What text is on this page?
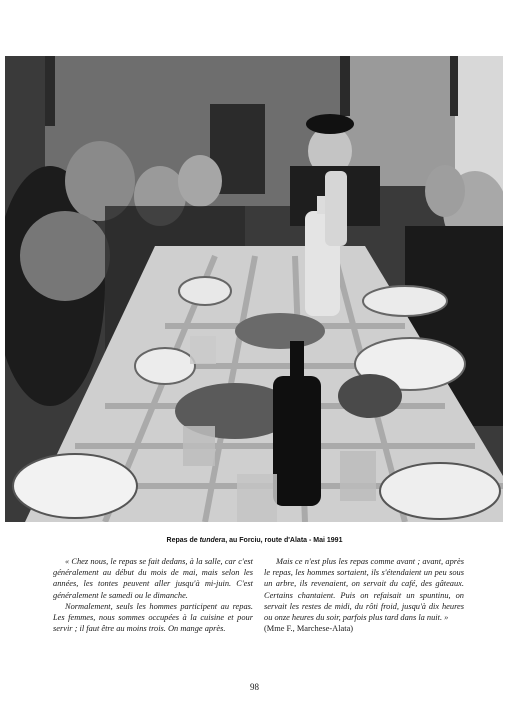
Repas de tundera, au Forciu, route d'Alata - Mai 1991

« Chez nous, le repas se fait dedans, à la salle, car c'est généralement au début du mois de mai, mais selon les années, les tontes peuvent aller jusqu'à mi-juin. C'est généralement le samedi ou le dimanche.

Normalement, seuls les hommes participent au repas. Les femmes, nous sommes occupées à la cuisine et pour servir ; il faut être au moins trois. On mange après.

Mais ce n'est plus les repas comme avant ; avant, après le repas, les hommes sortaient, ils s'étendaient un peu sous un arbre, ils revenaient, on servait du café, des gâteaux. Certains chantaient. Puis on refaisait un spuntinu, on servait les restes de midi, du rôti froid, jusqu'à dix heures ou onze heures du soir, parfois plus tard dans la nuit. »

(Mme F., Marchese-Alata)

98
